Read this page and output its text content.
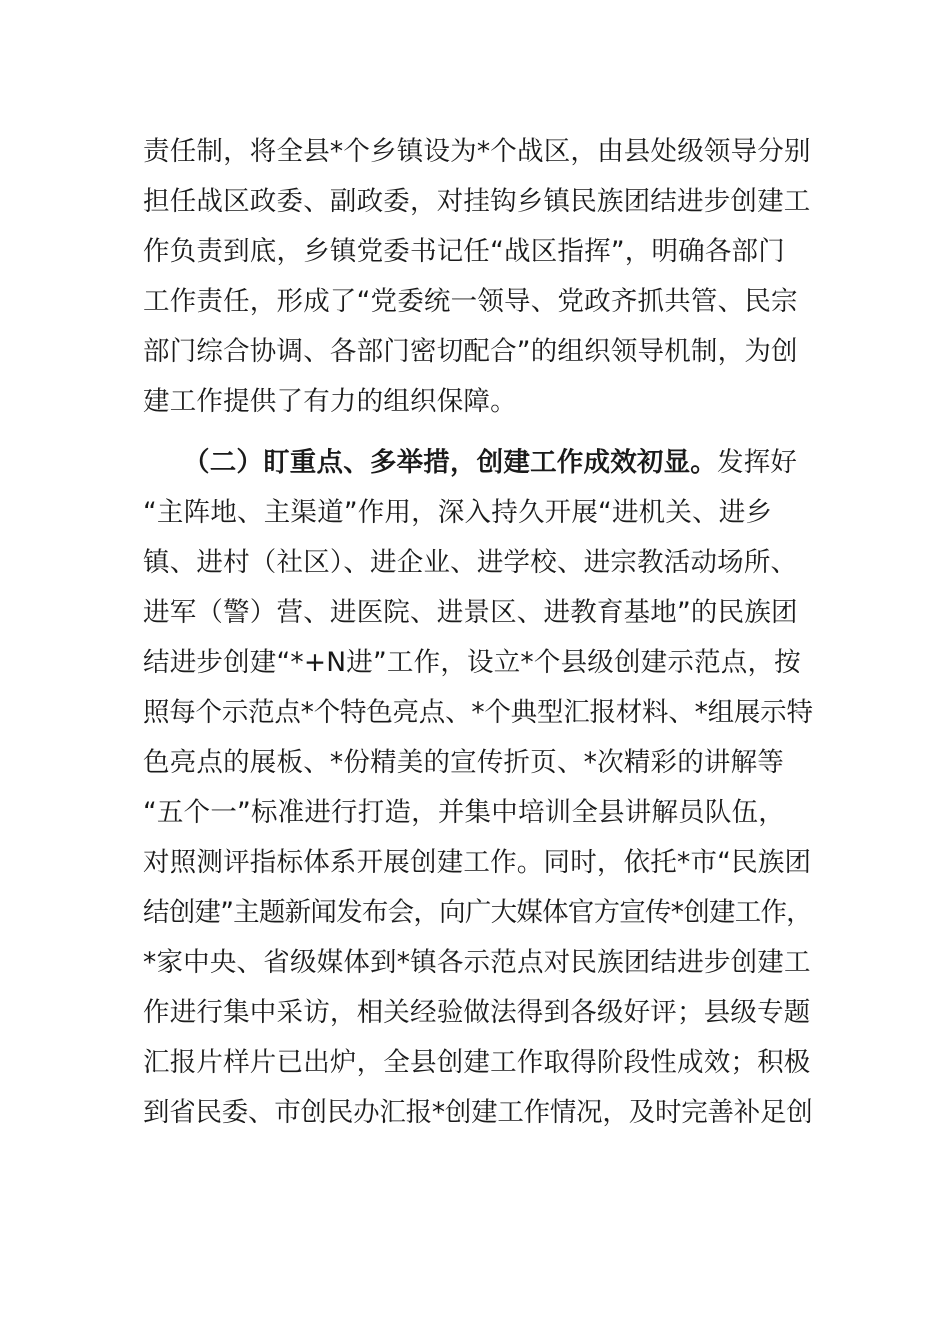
责任制，将全县*个乡镇设为*个战区，由县处级领导分别
担任战区政委、副政委，对挂钩乡镇民族团结进步创建工
作负责到底，乡镇党委书记任“战区指挥”，明确各部门
工作责任，形成了“党委统一领导、党政齐抓共管、民宗
部门综合协调、各部门密切配合”的组织领导机制，为创
建工作提供了有力的组织保障。
（二）盯重点、多举措，创建工作成效初显。发挥好
“主阵地、主渠道”作用，深入持久开展“进机关、进乡
镇、进村（社区）、进企业、进学校、进宗教活动场所、
进军（警）营、进医院、进景区、进教育基地”的民族团
结进步创建“*+N进”工作，设立*个县级创建示范点，按
照每个示范点*个特色亮点、*个典型汇报材料、*组展示特
色亮点的展板、*份精美的宣传折页、*次精彩的讲解等
“五个一”标准进行打造，并集中培训全县讲解员队伍，
对照测评指标体系开展创建工作。同时，依托*市“民族团
结创建”主题新闻发布会，向广大媒体官方宣传*创建工作，
*家中央、省级媒体到*镇各示范点对民族团结进步创建工
作进行集中采访，相关经验做法得到各级好评；县级专题
汇报片样片已出炉，全县创建工作取得阶段性成效；积极
到省民委、市创民办汇报*创建工作情况，及时完善补足创
